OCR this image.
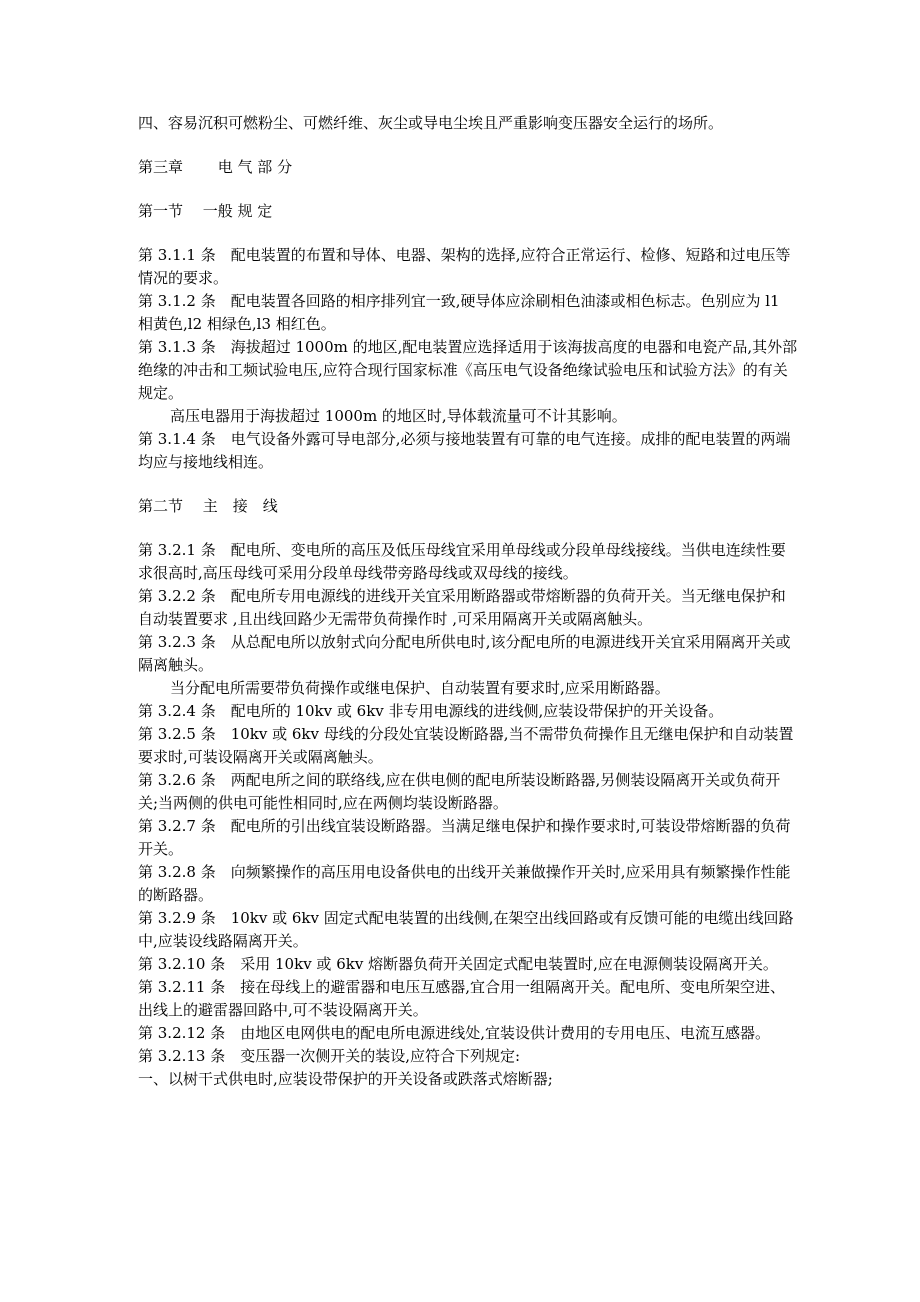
四、容易沉积可燃粉尘、可燃纤维、灰尘或导电尘埃且严重影响变压器安全运行的场所。

第三章　　 电 气 部 分

第一节　 一般 规 定

第 3.1.1 条　配电装置的布置和导体、电器、架构的选择,应符合正常运行、检修、短路和过电压等情况的要求。

第 3.1.2 条　配电装置各回路的相序排列宜一致,硬导体应涂刷相色油漆或相色标志。色别应为 l1 相黄色,l2 相绿色,l3 相红色。

第 3.1.3 条　海拔超过 1000m 的地区,配电装置应选择适用于该海拔高度的电器和电瓷产品,其外部绝缘的冲击和工频试验电压,应符合现行国家标准《高压电气设备绝缘试验电压和试验方法》的有关规定。

高压电器用于海拔超过 1000m 的地区时,导体载流量可不计其影响。

第 3.1.4 条　电气设备外露可导电部分,必须与接地装置有可靠的电气连接。成排的配电装置的两端均应与接地线相连。

第二节　 主　接　线

第 3.2.1 条　配电所、变电所的高压及低压母线宜采用单母线或分段单母线接线。当供电连续性要求很高时,高压母线可采用分段单母线带旁路母线或双母线的接线。

第 3.2.2 条　配电所专用电源线的进线开关宜采用断路器或带熔断器的负荷开关。当无继电保护和自动装置要求 ,且出线回路少无需带负荷操作时 ,可采用隔离开关或隔离触头。

第 3.2.3 条　从总配电所以放射式向分配电所供电时,该分配电所的电源进线开关宜采用隔离开关或隔离触头。

当分配电所需要带负荷操作或继电保护、自动装置有要求时,应采用断路器。

第 3.2.4 条　配电所的 10kv 或 6kv 非专用电源线的进线侧,应装设带保护的开关设备。

第 3.2.5 条　10kv 或 6kv 母线的分段处宜装设断路器,当不需带负荷操作且无继电保护和自动装置要求时,可装设隔离开关或隔离触头。

第 3.2.6 条　两配电所之间的联络线,应在供电侧的配电所装设断路器,另侧装设隔离开关或负荷开关;当两侧的供电可能性相同时,应在两侧均装设断路器。

第 3.2.7 条　配电所的引出线宜装设断路器。当满足继电保护和操作要求时,可装设带熔断器的负荷开关。

第 3.2.8 条　向频繁操作的高压用电设备供电的出线开关兼做操作开关时,应采用具有频繁操作性能的断路器。

第 3.2.9 条　10kv 或 6kv 固定式配电装置的出线侧,在架空出线回路或有反馈可能的电缆出线回路中,应装设线路隔离开关。

第 3.2.10 条　采用 10kv 或 6kv 熔断器负荷开关固定式配电装置时,应在电源侧装设隔离开关。

第 3.2.11 条　接在母线上的避雷器和电压互感器,宜合用一组隔离开关。配电所、变电所架空进、出线上的避雷器回路中,可不装设隔离开关。

第 3.2.12 条　由地区电网供电的配电所电源进线处,宜装设供计费用的专用电压、电流互感器。

第 3.2.13 条　变压器一次侧开关的装设,应符合下列规定:

一、以树干式供电时,应装设带保护的开关设备或跌落式熔断器;
